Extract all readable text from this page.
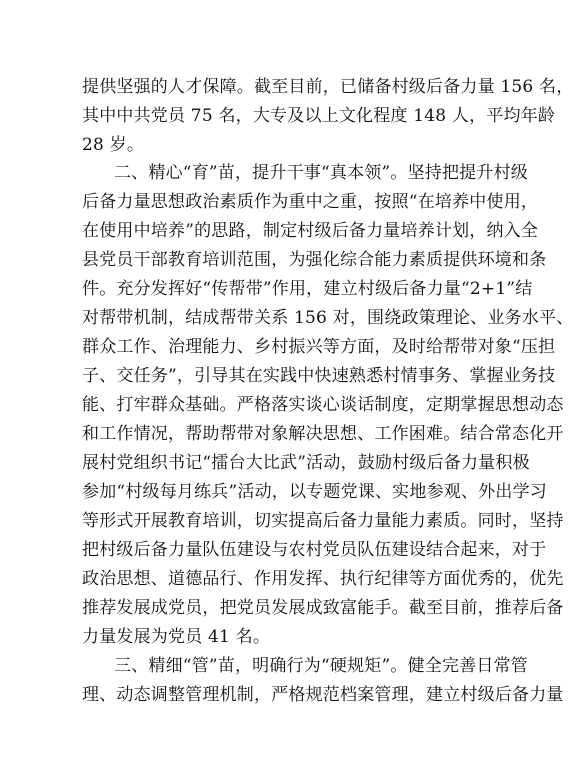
提供坚强的人才保障。截至目前，已储备村级后备力量 156 名，
其中中共党员 75 名，大专及以上文化程度 148 人，平均年龄
28 岁。
二、精心“育”苗，提升干事“真本领”。坚持把提升村级
后备力量思想政治素质作为重中之重，按照“在培养中使用，
在使用中培养”的思路，制定村级后备力量培养计划，纳入全
县党员干部教育培训范围，为强化综合能力素质提供环境和条
件。充分发挥好“传帮带”作用，建立村级后备力量“2+1”结
对帮带机制，结成帮带关系 156 对，围绕政策理论、业务水平、
群众工作、治理能力、乡村振兴等方面，及时给帮带对象“压担
子、交任务”，引导其在实践中快速熟悉村情事务、掌握业务技
能、打牢群众基础。严格落实谈心谈话制度，定期掌握思想动态
和工作情况，帮助帮带对象解决思想、工作困难。结合常态化开
展村党组织书记“擂台大比武”活动，鼓励村级后备力量积极
参加“村级每月练兵”活动，以专题党课、实地参观、外出学习
等形式开展教育培训，切实提高后备力量能力素质。同时，坚持
把村级后备力量队伍建设与农村党员队伍建设结合起来，对于
政治思想、道德品行、作用发挥、执行纪律等方面优秀的，优先
推荐发展成党员，把党员发展成致富能手。截至目前，推荐后备
力量发展为党员 41 名。
三、精细“管”苗，明确行为“硬规矩”。健全完善日常管
理、动态调整管理机制，严格规范档案管理，建立村级后备力量
